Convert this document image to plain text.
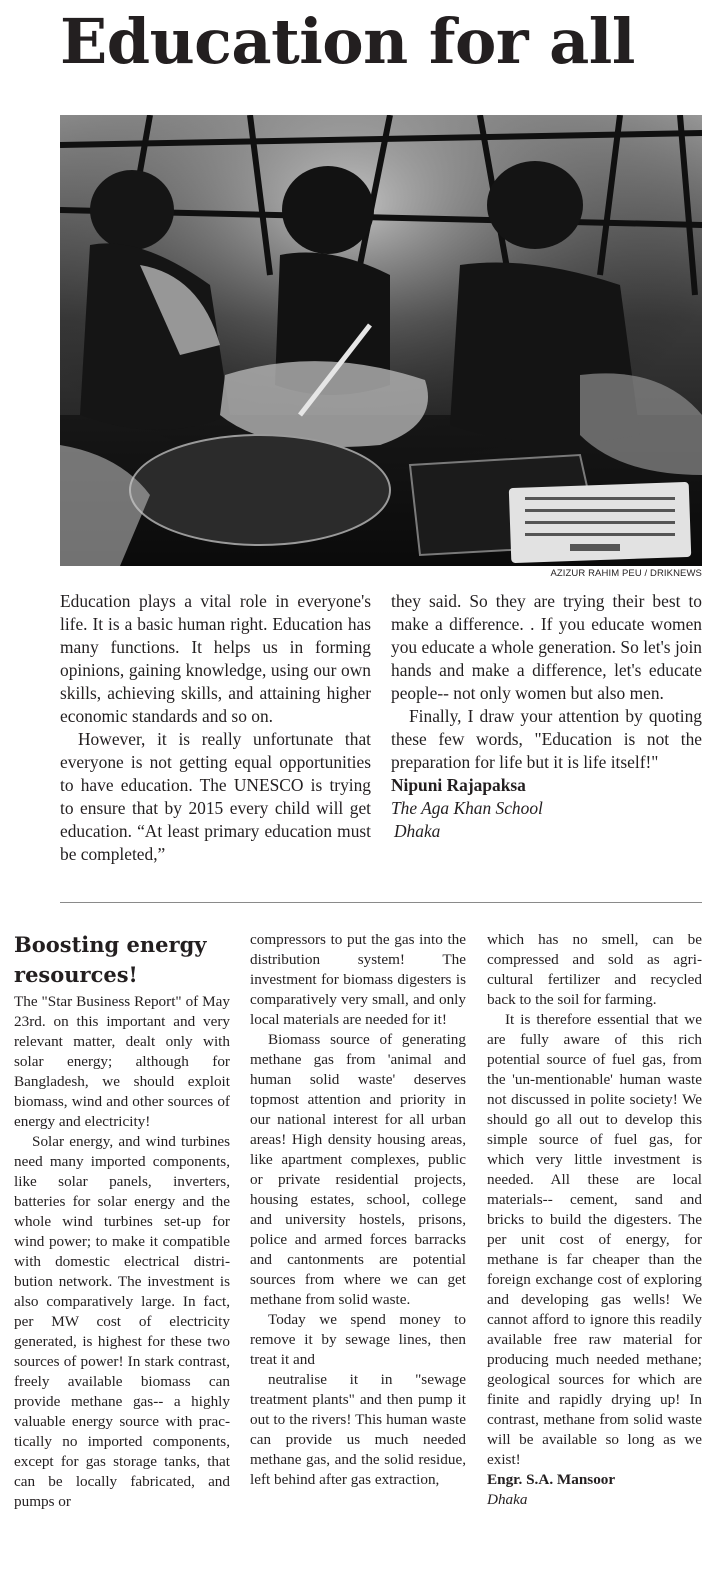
Education for all
AZIZUR RAHIM PEU / DRIKNEWS

Education plays a vital role in everyone's life. It is a basic human right. Education has many functions. It helps us in forming opinions, gaining knowledge, using our own skills, achieving skills, and attaining higher economic standards and so on.

However, it is really unfortunate that everyone is not getting equal opportunities to have education. The UNESCO is trying to ensure that by 2015 every child will get education. “At least primary education must be completed,”

they said. So they are trying their best to make a difference. . If you educate women you educate a whole generation. So let's join hands and make a difference, let's educate people-- not only women but also men.

Finally, I draw your attention by quoting these few words, "Education is not the preparation for life but it is life itself!"

Nipuni Rajapaksa

The Aga Khan School

Dhaka

Boosting energy resources!

The "Star Business Report" of May 23rd. on this important and very relevant matter, dealt only with solar energy; although for Bangladesh, we should exploit biomass, wind and other sources of energy and electricity!

Solar energy, and wind turbines need many imported components, like solar panels, inverters, batteries for solar energy and the whole wind turbines set-up for wind power; to make it compatible with domestic electrical distribution network. The investment is also comparatively large. In fact, per MW cost of electricity generated, is highest for these two sources of power! In stark contrast, freely available biomass can provide methane gas-- a highly valuable energy source with practically no imported components, except for gas storage tanks, that can be locally fabricated, and pumps or

compressors to put the gas into the distribution system! The investment for biomass digesters is comparatively very small, and only local materials are needed for it!

Biomass source of generating methane gas from 'animal and human solid waste' deserves topmost attention and priority in our national interest for all urban areas! High density housing areas, like apartment complexes, public or private residential projects, housing estates, school, college and university hostels, prisons, police and armed forces barracks and cantonments are potential sources from where we can get methane from solid waste.

Today we spend money to remove it by sewage lines, then treat it and

neutralise it in "sewage treatment plants" and then pump it out to the rivers! This human waste can provide us much needed methane gas, and the solid residue, left behind after gas extraction,

which has no smell, can be compressed and sold as agricultural fertilizer and recycled back to the soil for farming.

It is therefore essential that we are fully aware of this rich potential source of fuel gas, from the 'un-mentionable' human waste not discussed in polite society! We should go all out to develop this simple source of fuel gas, for which very little investment is needed. All these are local materials-- cement, sand and bricks to build the digesters. The per unit cost of energy, for methane is far cheaper than the foreign exchange cost of exploring and developing gas wells! We cannot afford to ignore this readily available free raw material for producing much needed methane; geological sources for which are finite and rapidly drying up! In contrast, methane from solid waste will be available so long as we exist!

Engr. S.A. Mansoor

Dhaka
